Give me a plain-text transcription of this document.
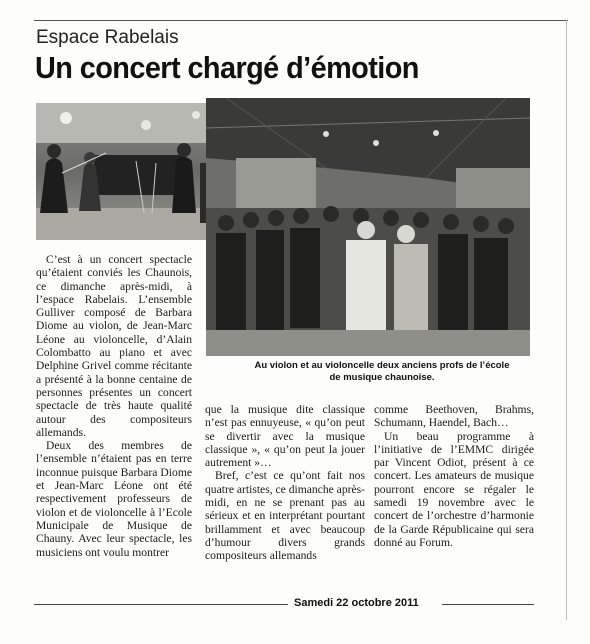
Espace Rabelais
Un concert chargé d’émotion
Au violon et au violoncelle deux anciens profs de l’école
de musique chaunoise.

C’est à un concert spectacle qu’étaient conviés les Chaunois, ce dimanche après-midi, à l’espace Rabelais. L’ensemble Gulliver composé de Barbara Diome au violon, de Jean-Marc Léone au violoncelle, d’Alain Colombatto au piano et avec Delphine Grivel comme récitante a présenté à la bonne centaine de personnes présentes un concert spectacle de très haute qualité autour des compositeurs allemands.

Deux des membres de l’ensemble n’étaient pas en terre inconnue puisque Barbara Diome et Jean-Marc Léone ont été respectivement professeurs de violon et de violoncelle à l’Ecole Municipale de Musique de Chauny. Avec leur spectacle, les musiciens ont voulu montrer

que la musique dite classique n’est pas ennuyeuse, « qu’on peut se divertir avec la musique classique », « qu’on peut la jouer autrement »…

Bref, c’est ce qu’ont fait nos quatre artistes, ce dimanche après-midi, en ne se prenant pas au sérieux et en interprétant pourtant brillamment et avec beaucoup d’humour divers grands compositeurs allemands

comme Beethoven, Brahms, Schumann, Haendel, Bach…

Un beau programme à l’initiative de l’EMMC dirigée par Vincent Odiot, présent à ce concert. Les amateurs de musique pourront encore se régaler le samedi 19 novembre avec le concert de l’orchestre d’harmonie de la Garde Républicaine qui sera donné au Forum.

Samedi 22 octobre 2011
